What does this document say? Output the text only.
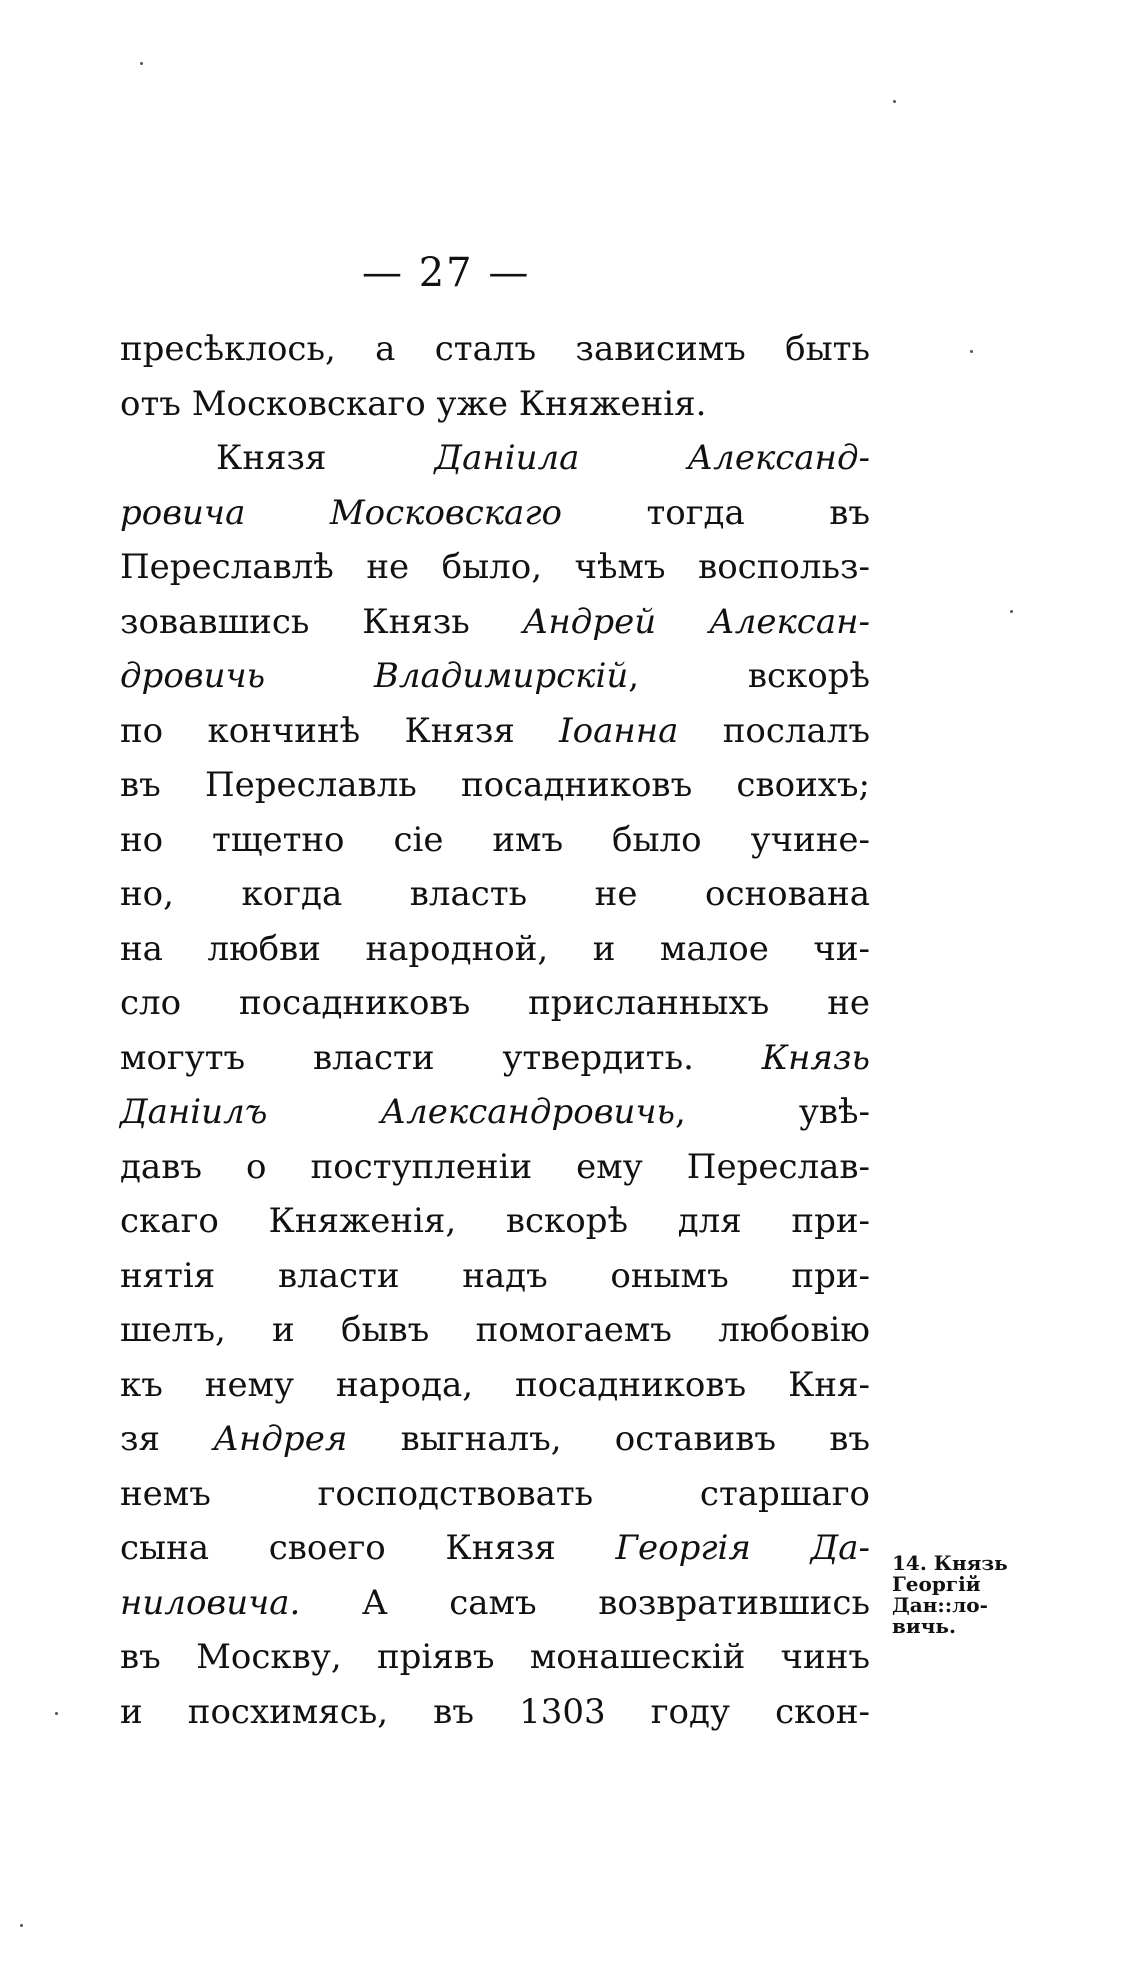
— 27 —
пресѣклось, а сталъ зависимъ быть
отъ Московскаго уже Княженія.
Князя Даніила Александ-
ровича Московскаго тогда въ
Переславлѣ не было, чѣмъ воспольз-
зовавшись Князь Андрей Алексан-
дровичь Владимирскій, вскорѣ
по кончинѣ Князя Іоанна послалъ
въ Переславль посадниковъ своихъ;
но тщетно сіе имъ было учине-
но, когда власть не основана
на любви народной, и малое чи-
сло посадниковъ присланныхъ не
могутъ власти утвердить. Князь
Даніилъ Александровичь, увѣ-
давъ о поступленіи ему Переслав-
скаго Княженія, вскорѣ для при-
нятія власти надъ онымъ при-
шелъ, и бывъ помогаемъ любовію
къ нему народа, посадниковъ Кня-
зя Андрея выгналъ, оставивъ въ
немъ господствовать старшаго
сына своего Князя Георгія Да-
ниловича. А самъ возвратившись
въ Москву, пріявъ монашескій чинъ
и посхимясь, въ 1303 году скон-
14. Князь
Георгій
Дан::ло-
вичь.
